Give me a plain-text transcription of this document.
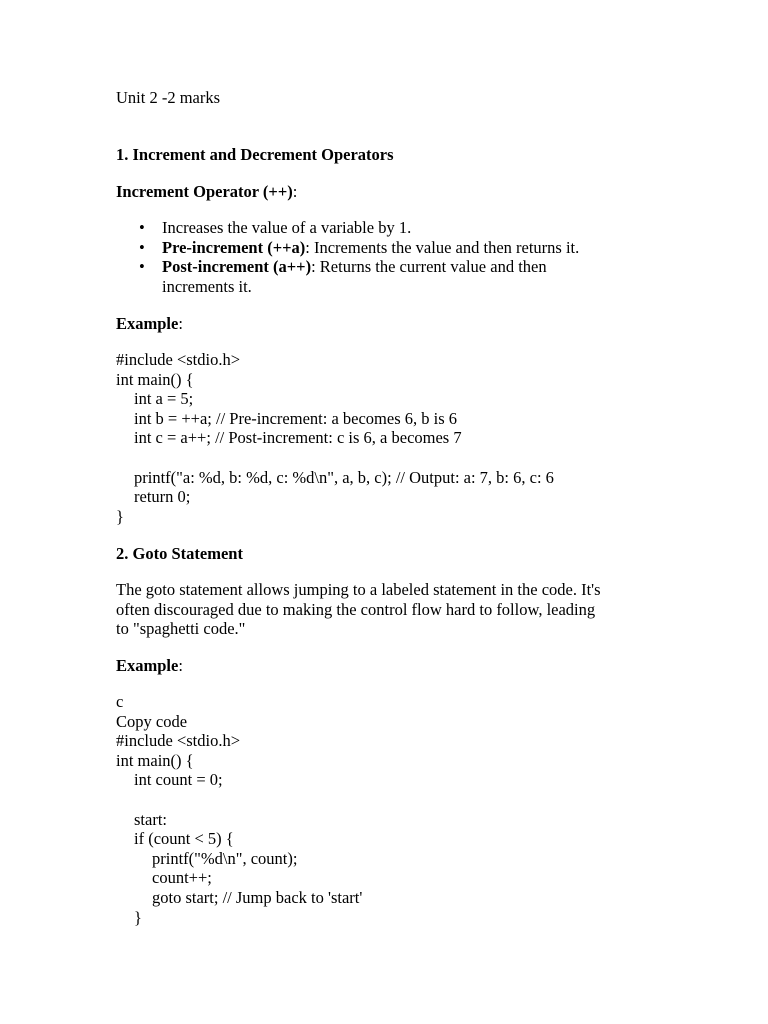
Unit 2 -2 marks
1. Increment and Decrement Operators
Increment Operator (++):
• Increases the value of a variable by 1.
• Pre-increment (++a): Increments the value and then returns it.
• Post-increment (a++): Returns the current value and then
increments it.
Example:
#include <stdio.h>
int main() {
int a = 5;
int b = ++a; // Pre-increment: a becomes 6, b is 6
int c = a++; // Post-increment: c is 6, a becomes 7
printf("a: %d, b: %d, c: %d\n", a, b, c); // Output: a: 7, b: 6, c: 6
return 0;
}
2. Goto Statement
The goto statement allows jumping to a labeled statement in the code. It's
often discouraged due to making the control flow hard to follow, leading
to "spaghetti code."
Example:
c
Copy code
#include <stdio.h>
int main() {
int count = 0;
start:
if (count < 5) {
printf("%d\n", count);
count++;
goto start; // Jump back to 'start'
}
